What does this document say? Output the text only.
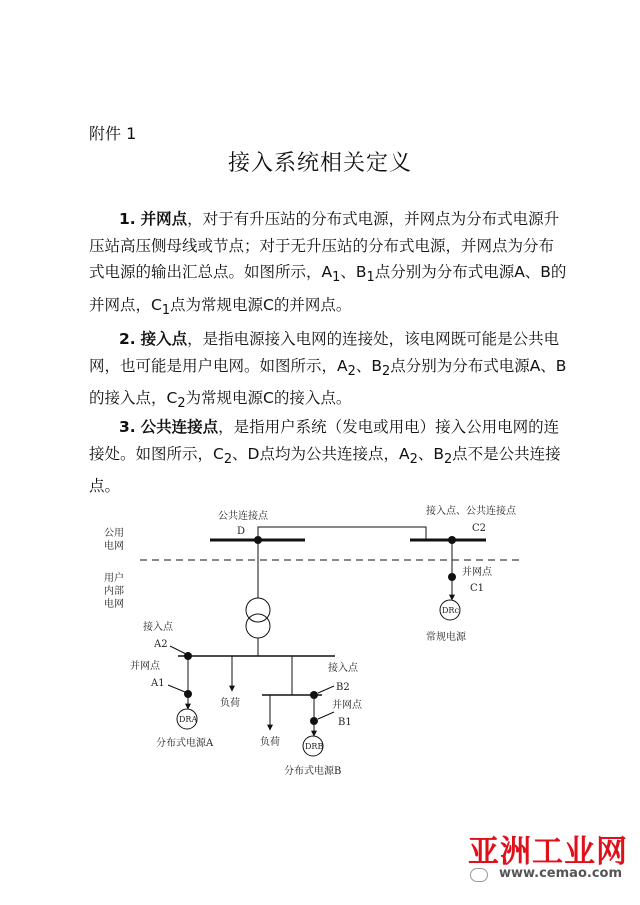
附件 1
接入系统相关定义

1. 并网点，对于有升压站的分布式电源，并网点为分布式电源升压站高压侧母线或节点；对于无升压站的分布式电源，并网点为分布式电源的输出汇总点。如图所示，$A_1$、$B_1$点分别为分布式电源A、B的并网点，$C_1$点为常规电源C的并网点。

2. 接入点，是指电源接入电网的连接处，该电网既可能是公共电网，也可能是用户电网。如图所示，$A_2$、$B_2$点分别为分布式电源A、B的接入点，$C_2$为常规电源C的接入点。

3. 公共连接点，是指用户系统（发电或用电）接入公用电网的连接处。如图所示，$C_2$、D点均为公共连接点，$A_2$、$B_2$点不是公共连接点。

公用
电网
用户
内部
电网
公共连接点
D
接入点、公共连接点
C2
并网点
C1
DRc
常规电源
接入点
A2
并网点
A1
DRA
分布式电源A
负荷
负荷
接入点
B2
并网点
B1
DRB
分布式电源B
亚洲工业网
www.cemao.com
